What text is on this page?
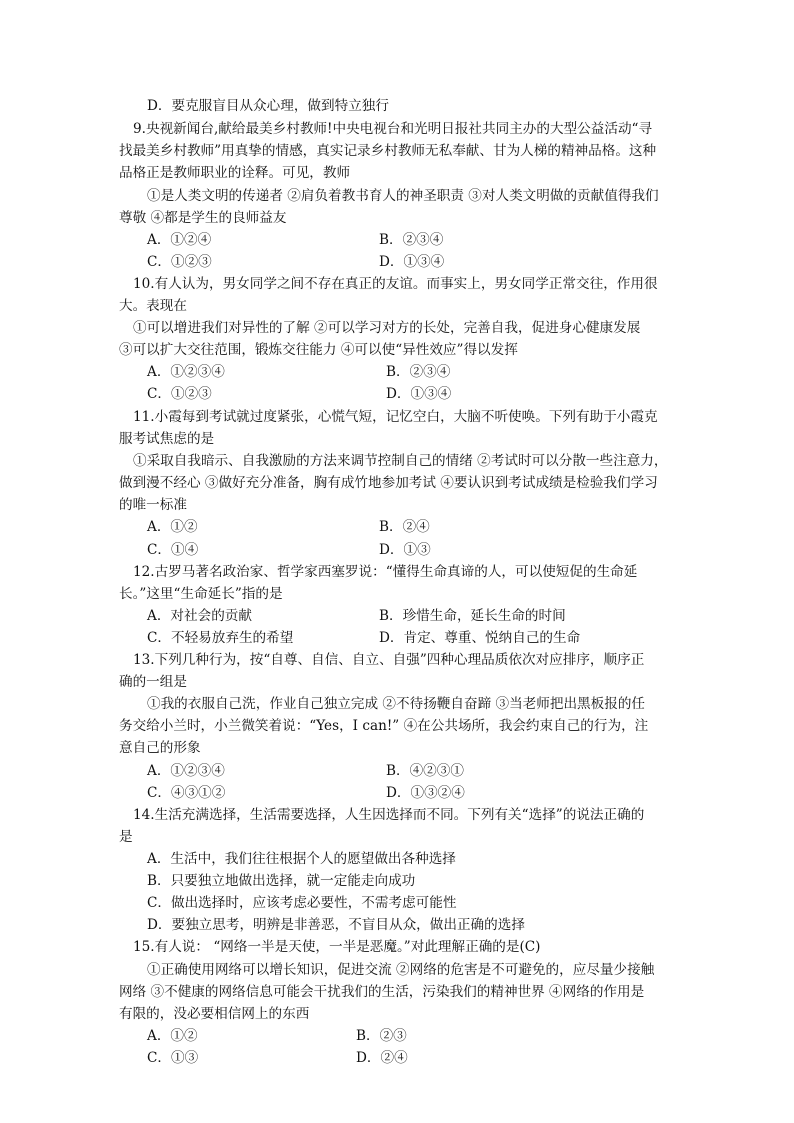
D．要克服盲目从众心理，做到特立独行
9.央视新闻台,献给最美乡村教师!中央电视台和光明日报社共同主办的大型公益活动“寻
找最美乡村教师”用真挚的情感，真实记录乡村教师无私奉献、甘为人梯的精神品格。这种
品格正是教师职业的诠释。可见，教师
①是人类文明的传递者 ②肩负着教书育人的神圣职责 ③对人类文明做的贡献值得我们
尊敬 ④都是学生的良师益友
A．①②④	B．②③④
C．①②③	D．①③④
10.有人认为，男女同学之间不存在真正的友谊。而事实上，男女同学正常交往，作用很
大。表现在
①可以增进我们对异性的了解 ②可以学习对方的长处，完善自我，促进身心健康发展
③可以扩大交往范围，锻炼交往能力 ④可以使“异性效应”得以发挥
A．①②③④	B．②③④
C．①②③	D．①③④
11.小霞每到考试就过度紧张，心慌气短，记忆空白，大脑不听使唤。下列有助于小霞克
服考试焦虑的是
①采取自我暗示、自我激励的方法来调节控制自己的情绪 ②考试时可以分散一些注意力，
做到漫不经心 ③做好充分准备，胸有成竹地参加考试 ④要认识到考试成绩是检验我们学习
的唯一标准
A．①②	B．②④
C．①④	D．①③
12.古罗马著名政治家、哲学家西塞罗说：“懂得生命真谛的人，可以使短促的生命延
长。”这里“生命延长”指的是
A．对社会的贡献	B．珍惜生命，延长生命的时间
C．不轻易放弃生的希望	D．肯定、尊重、悦纳自己的生命
13.下列几种行为，按“自尊、自信、自立、自强”四种心理品质依次对应排序，顺序正
确的一组是
①我的衣服自己洗，作业自己独立完成 ②不待扬鞭自奋蹄 ③当老师把出黑板报的任
务交给小兰时，小兰微笑着说：“Yes，I can!” ④在公共场所，我会约束自己的行为，注
意自己的形象
A．①②③④	B．④②③①
C．④③①②	D．①③②④
14.生活充满选择，生活需要选择，人生因选择而不同。下列有关“选择”的说法正确的
是
A．生活中，我们往往根据个人的愿望做出各种选择
B．只要独立地做出选择，就一定能走向成功
C．做出选择时，应该考虑必要性，不需考虑可能性
D．要独立思考，明辨是非善恶，不盲目从众，做出正确的选择
15.有人说： “网络一半是天使，一半是恶魔。”对此理解正确的是(C)
①正确使用网络可以增长知识，促进交流 ②网络的危害是不可避免的，应尽量少接触
网络 ③不健康的网络信息可能会干扰我们的生活，污染我们的精神世界 ④网络的作用是
有限的，没必要相信网上的东西
A．①②	B．②③
C．①③	D．②④
